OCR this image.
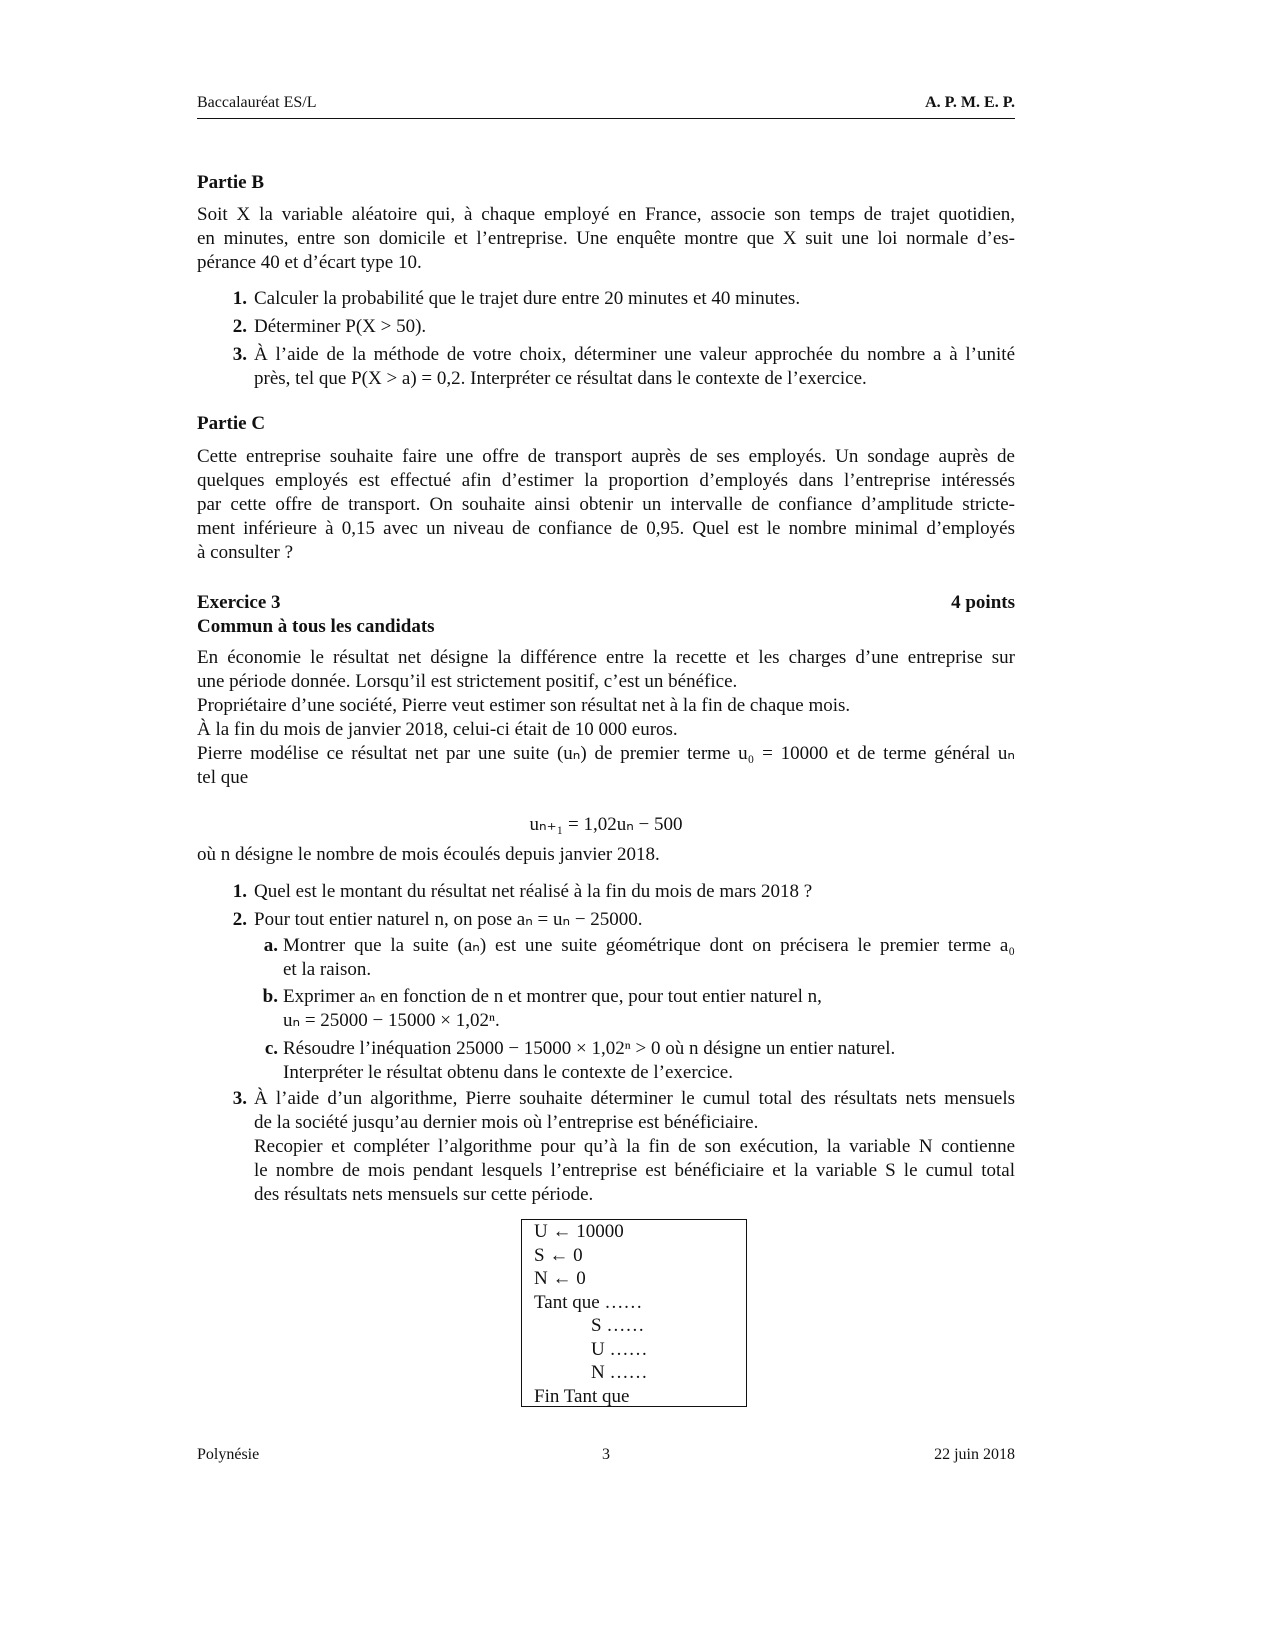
Baccalauréat ES/L	A. P. M. E. P.
Partie B
Soit X la variable aléatoire qui, à chaque employé en France, associe son temps de trajet quotidien,
en minutes, entre son domicile et l’entreprise. Une enquête montre que X suit une loi normale d’es-
pérance 40 et d’écart type 10.
1. Calculer la probabilité que le trajet dure entre 20 minutes et 40 minutes.
2. Déterminer P(X > 50).
3. À l’aide de la méthode de votre choix, déterminer une valeur approchée du nombre a à l’unité
près, tel que P(X > a) = 0,2. Interpréter ce résultat dans le contexte de l’exercice.
Partie C
Cette entreprise souhaite faire une offre de transport auprès de ses employés. Un sondage auprès de
quelques employés est effectué afin d’estimer la proportion d’employés dans l’entreprise intéressés
par cette offre de transport. On souhaite ainsi obtenir un intervalle de confiance d’amplitude stricte-
ment inférieure à 0,15 avec un niveau de confiance de 0,95. Quel est le nombre minimal d’employés
à consulter ?
Exercice 3	4 points
Commun à tous les candidats
En économie le résultat net désigne la différence entre la recette et les charges d’une entreprise sur
une période donnée. Lorsqu’il est strictement positif, c’est un bénéfice.
Propriétaire d’une société, Pierre veut estimer son résultat net à la fin de chaque mois.
À la fin du mois de janvier 2018, celui-ci était de 10 000 euros.
Pierre modélise ce résultat net par une suite (uₙ) de premier terme u₀ = 10000 et de terme général uₙ
tel que
uₙ₊₁ = 1,02uₙ − 500
où n désigne le nombre de mois écoulés depuis janvier 2018.
1. Quel est le montant du résultat net réalisé à la fin du mois de mars 2018 ?
2. Pour tout entier naturel n, on pose aₙ = uₙ − 25000.
a. Montrer que la suite (aₙ) est une suite géométrique dont on précisera le premier terme a₀
et la raison.
b. Exprimer aₙ en fonction de n et montrer que, pour tout entier naturel n,
uₙ = 25000 − 15000 × 1,02ⁿ.
c. Résoudre l’inéquation 25000 − 15000 × 1,02ⁿ > 0 où n désigne un entier naturel.
Interpréter le résultat obtenu dans le contexte de l’exercice.
3. À l’aide d’un algorithme, Pierre souhaite déterminer le cumul total des résultats nets mensuels
de la société jusqu’au dernier mois où l’entreprise est bénéficiaire.
Recopier et compléter l’algorithme pour qu’à la fin de son exécution, la variable N contienne
le nombre de mois pendant lesquels l’entreprise est bénéficiaire et la variable S le cumul total
des résultats nets mensuels sur cette période.
U ← 10000
S ← 0
N ← 0
Tant que ……
S ……
U ……
N ……
Fin Tant que
Polynésie	3	22 juin 2018
